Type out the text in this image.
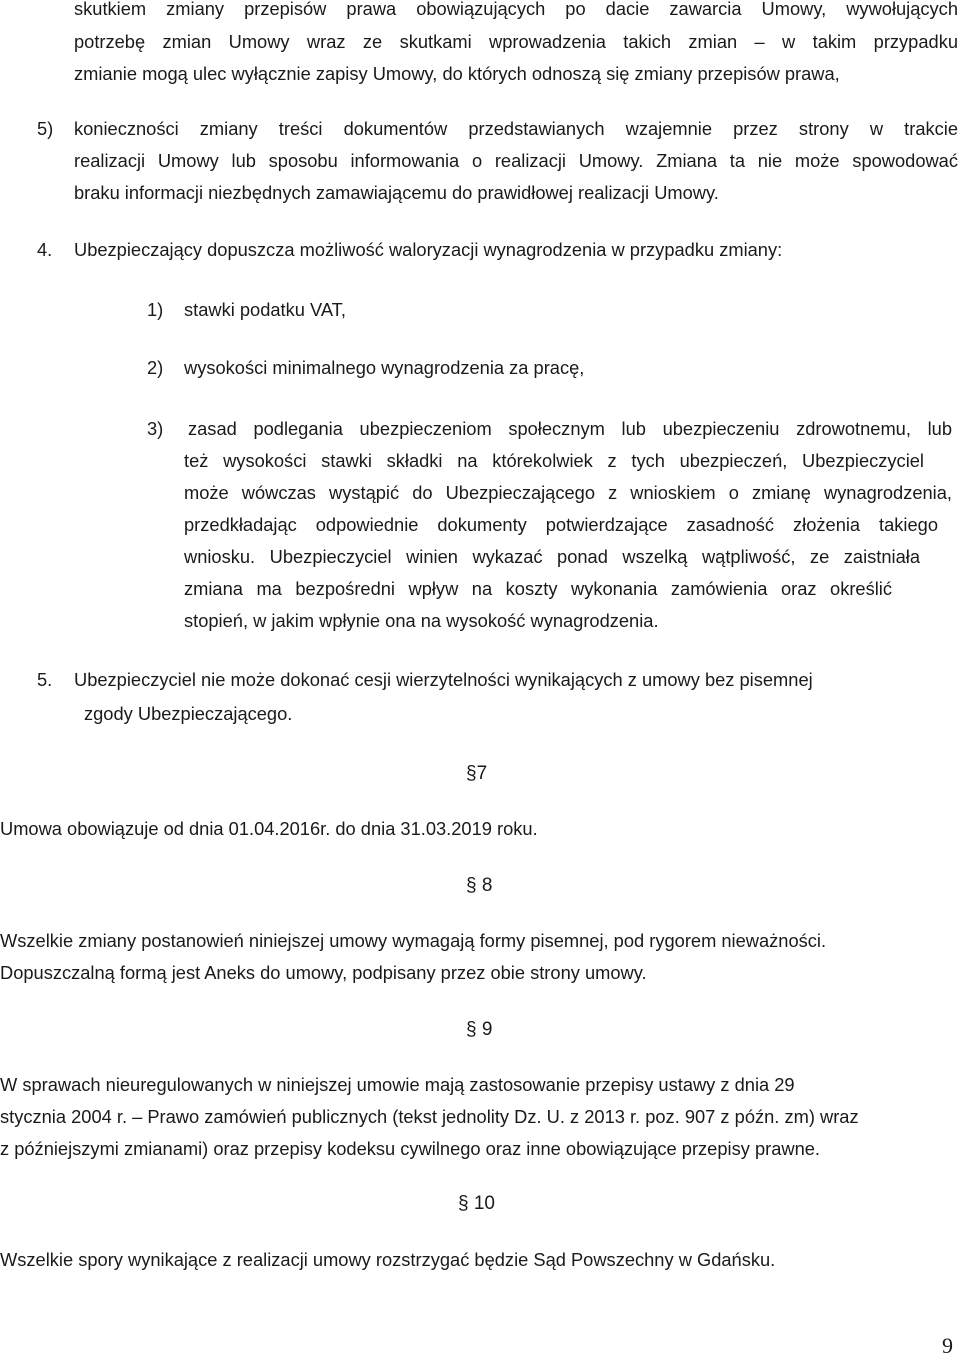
skutkiem zmiany przepisów prawa obowiązujących po dacie zawarcia Umowy, wywołujących
potrzebę zmian Umowy wraz ze skutkami wprowadzenia takich zmian – w takim przypadku
zmianie mogą ulec wyłącznie zapisy Umowy, do których odnoszą się zmiany przepisów prawa,
5) konieczności zmiany treści dokumentów przedstawianych wzajemnie przez strony w trakcie
realizacji Umowy lub sposobu informowania o realizacji Umowy. Zmiana ta nie może spowodować
braku informacji niezbędnych zamawiającemu do prawidłowej realizacji Umowy.
4. Ubezpieczający dopuszcza możliwość waloryzacji wynagrodzenia w przypadku zmiany:
1) stawki podatku VAT,
2) wysokości minimalnego wynagrodzenia za pracę,
3) zasad podlegania ubezpieczeniom społecznym lub ubezpieczeniu zdrowotnemu, lub
też wysokości stawki składki na którekolwiek z tych ubezpieczeń, Ubezpieczyciel
może wówczas wystąpić do Ubezpieczającego z wnioskiem o zmianę wynagrodzenia,
przedkładając odpowiednie dokumenty potwierdzające zasadność złożenia takiego
wniosku. Ubezpieczyciel winien wykazać ponad wszelką wątpliwość, ze zaistniała
zmiana ma bezpośredni wpływ na koszty wykonania zamówienia oraz określić
stopień, w jakim wpłynie ona na wysokość wynagrodzenia.
5. Ubezpieczyciel nie może dokonać cesji wierzytelności wynikających z umowy bez pisemnej
zgody Ubezpieczającego.
§7
Umowa obowiązuje od dnia 01.04.2016r. do dnia 31.03.2019 roku.
§ 8
Wszelkie zmiany postanowień niniejszej umowy wymagają formy pisemnej, pod rygorem nieważności.
Dopuszczalną formą jest Aneks do umowy, podpisany przez obie strony umowy.
§ 9
W sprawach nieuregulowanych w niniejszej umowie mają zastosowanie przepisy ustawy z dnia 29
stycznia 2004 r. – Prawo zamówień publicznych (tekst jednolity Dz. U. z 2013 r. poz. 907 z późn. zm) wraz
z późniejszymi zmianami) oraz przepisy kodeksu cywilnego oraz inne obowiązujące przepisy prawne.
§ 10
Wszelkie spory wynikające z realizacji umowy rozstrzygać będzie Sąd Powszechny w Gdańsku.
9
